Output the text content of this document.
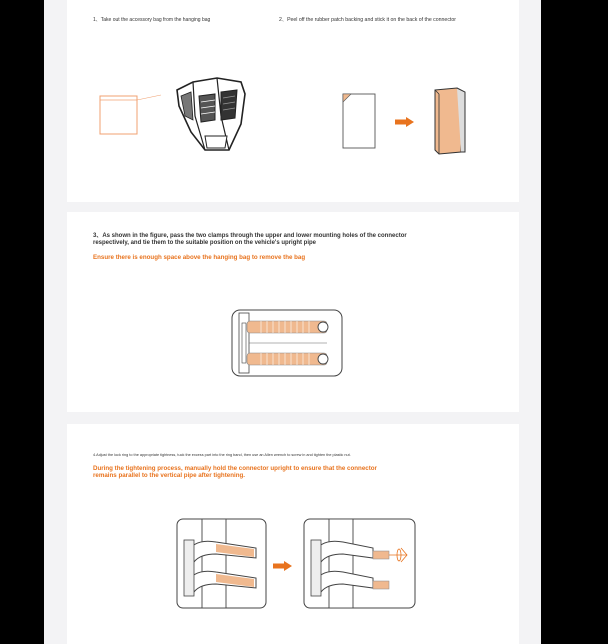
1、Take out the accessory bag from the hanging bag	2、Peel off the rubber patch backing and stick it on the back of the connector

3、As shown in the figure, pass the two clamps through the upper and lower mounting holes of the connector

respectively, and tie them to the suitable position on the vehicle's upright pipe

Ensure there is enough space above the hanging bag to remove the bag

4.Adjust the lock ring to the appropriate tightness, tuck the excess part into the ring band, then use an Allen wrench to screw in and tighten the plastic nut.

During the tightening process, manually hold the connector upright to ensure that the connector

remains parallel to the vertical pipe after tightening.
